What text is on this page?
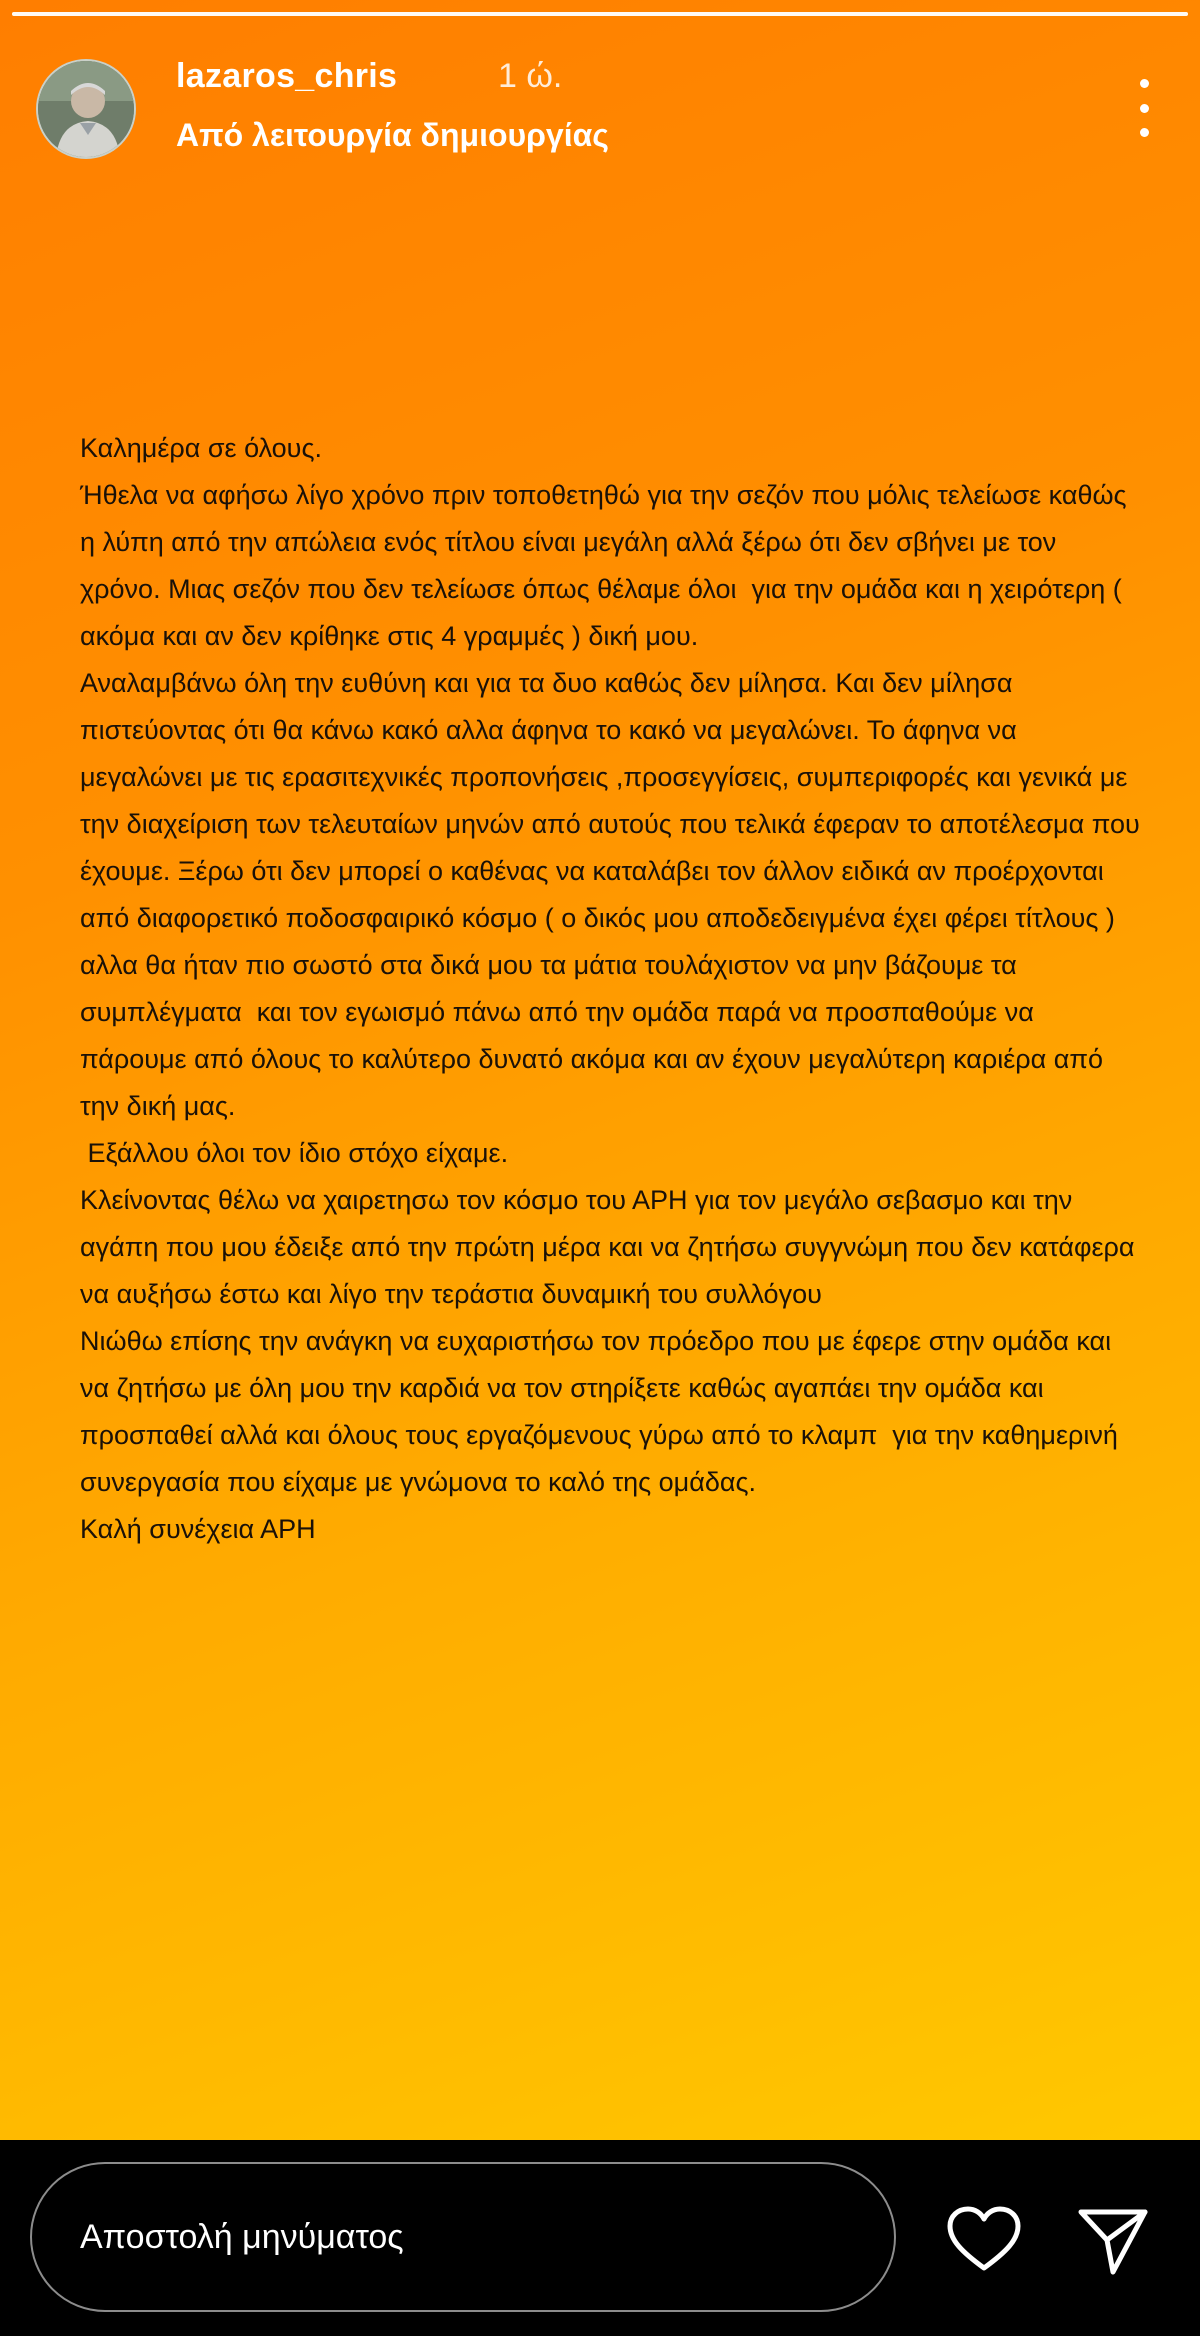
lazaros_chris	1 ώ.
Από λειτουργία δημιουργίας

Καλημέρα σε όλους.

Ήθελα να αφήσω λίγο χρόνο πριν τοποθετηθώ για την σεζόν που μόλις τελείωσε καθώς η λύπη από την απώλεια ενός τίτλου είναι μεγάλη αλλά ξέρω ότι δεν σβήνει με τον χρόνο. Μιας σεζόν που δεν τελείωσε όπως θέλαμε όλοι  για την ομάδα και η χειρότερη ( ακόμα και αν δεν κρίθηκε στις 4 γραμμές ) δική μου.

Αναλαμβάνω όλη την ευθύνη και για τα δυο καθώς δεν μίλησα. Και δεν μίλησα πιστεύοντας ότι θα κάνω κακό αλλα άφηνα το κακό να μεγαλώνει. Το άφηνα να μεγαλώνει με τις ερασιτεχνικές προπονήσεις ,προσεγγίσεις, συμπεριφορές και γενικά με την διαχείριση των τελευταίων μηνών από αυτούς που τελικά έφεραν το αποτέλεσμα που έχουμε. Ξέρω ότι δεν μπορεί ο καθένας να καταλάβει τον άλλον ειδικά αν προέρχονται από διαφορετικό ποδοσφαιρικό κόσμο ( ο δικός μου αποδεδειγμένα έχει φέρει τίτλους ) αλλα θα ήταν πιο σωστό στα δικά μου τα μάτια τουλάχιστον να μην βάζουμε τα συμπλέγματα  και τον εγωισμό πάνω από την ομάδα παρά να προσπαθούμε να πάρουμε από όλους το καλύτερο δυνατό ακόμα και αν έχουν μεγαλύτερη καριέρα από την δική μας.

Εξάλλου όλοι τον ίδιο στόχο είχαμε.

Κλείνοντας θέλω να χαιρετησω τον κόσμο του ΑΡΗ για τον μεγάλο σεβασμο και την αγάπη που μου έδειξε από την πρώτη μέρα και να ζητήσω συγγνώμη που δεν κατάφερα να αυξήσω έστω και λίγο την τεράστια δυναμική του συλλόγου

Νιώθω επίσης την ανάγκη να ευχαριστήσω τον πρόεδρο που με έφερε στην ομάδα και να ζητήσω με όλη μου την καρδιά να τον στηρίξετε καθώς αγαπάει την ομάδα και προσπαθεί αλλά και όλους τους εργαζόμενους γύρω από το κλαμπ  για την καθημερινή συνεργασία που είχαμε με γνώμονα το καλό της ομάδας.

Καλή συνέχεια ΑΡΗ

Αποστολή μηνύματος
